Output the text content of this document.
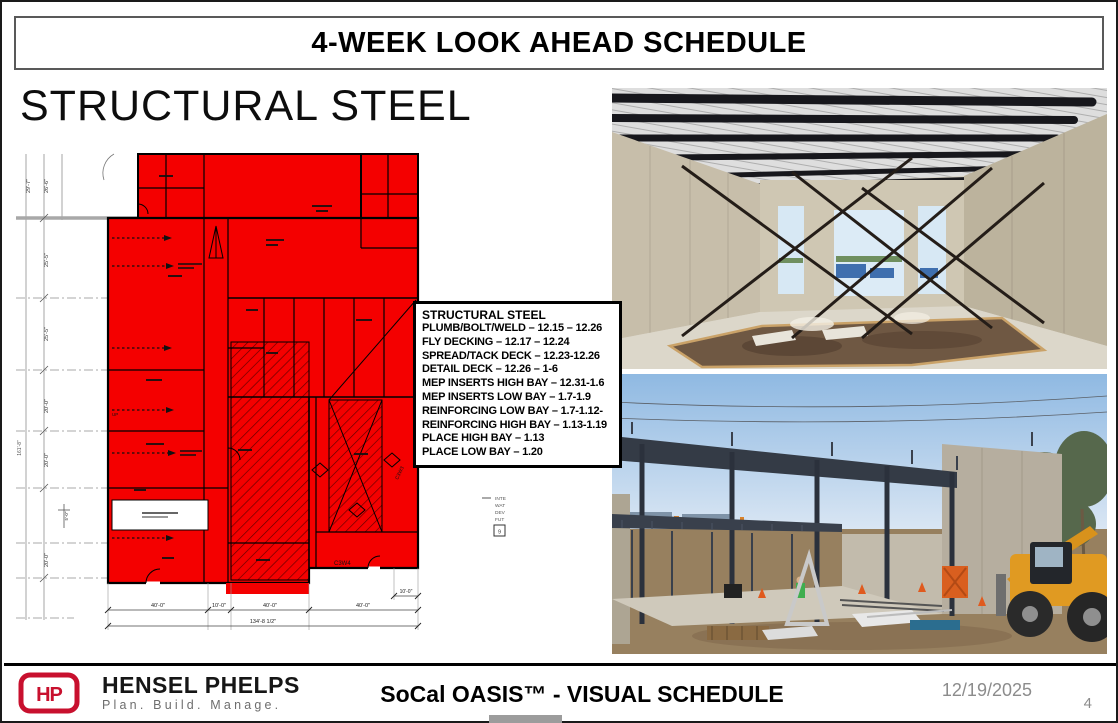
4-WEEK LOOK AHEAD SCHEDULE
STRUCTURAL STEEL
29'-7" 26'-6"
25'-5"
25'-5"
20'-0"
20'-0"
20'-0"
5'-0"
161'-8"
C3W4
C3W3
UP
40'-0"	10'-0"	40'-0"	40'-0"
134'-8 1/2"
10'-0"
INTE
WAT
DEV
FUT
9
STRUCTURAL STEEL
PLUMB/BOLT/WELD – 12.15 – 12.26
FLY DECKING – 12.17 – 12.24
SPREAD/TACK DECK – 12.23-12.26
DETAIL DECK – 12.26 – 1-6
MEP INSERTS HIGH BAY – 12.31-1.6
MEP INSERTS LOW BAY – 1.7-1.9
REINFORCING LOW BAY – 1.7-1.12-
REINFORCING HIGH BAY – 1.13-1.19
PLACE HIGH BAY – 1.13
PLACE LOW BAY – 1.20
HP HENSEL PHELPS
Plan. Build. Manage.	SoCal OASIS™ - VISUAL SCHEDULE	12/19/2025
4
